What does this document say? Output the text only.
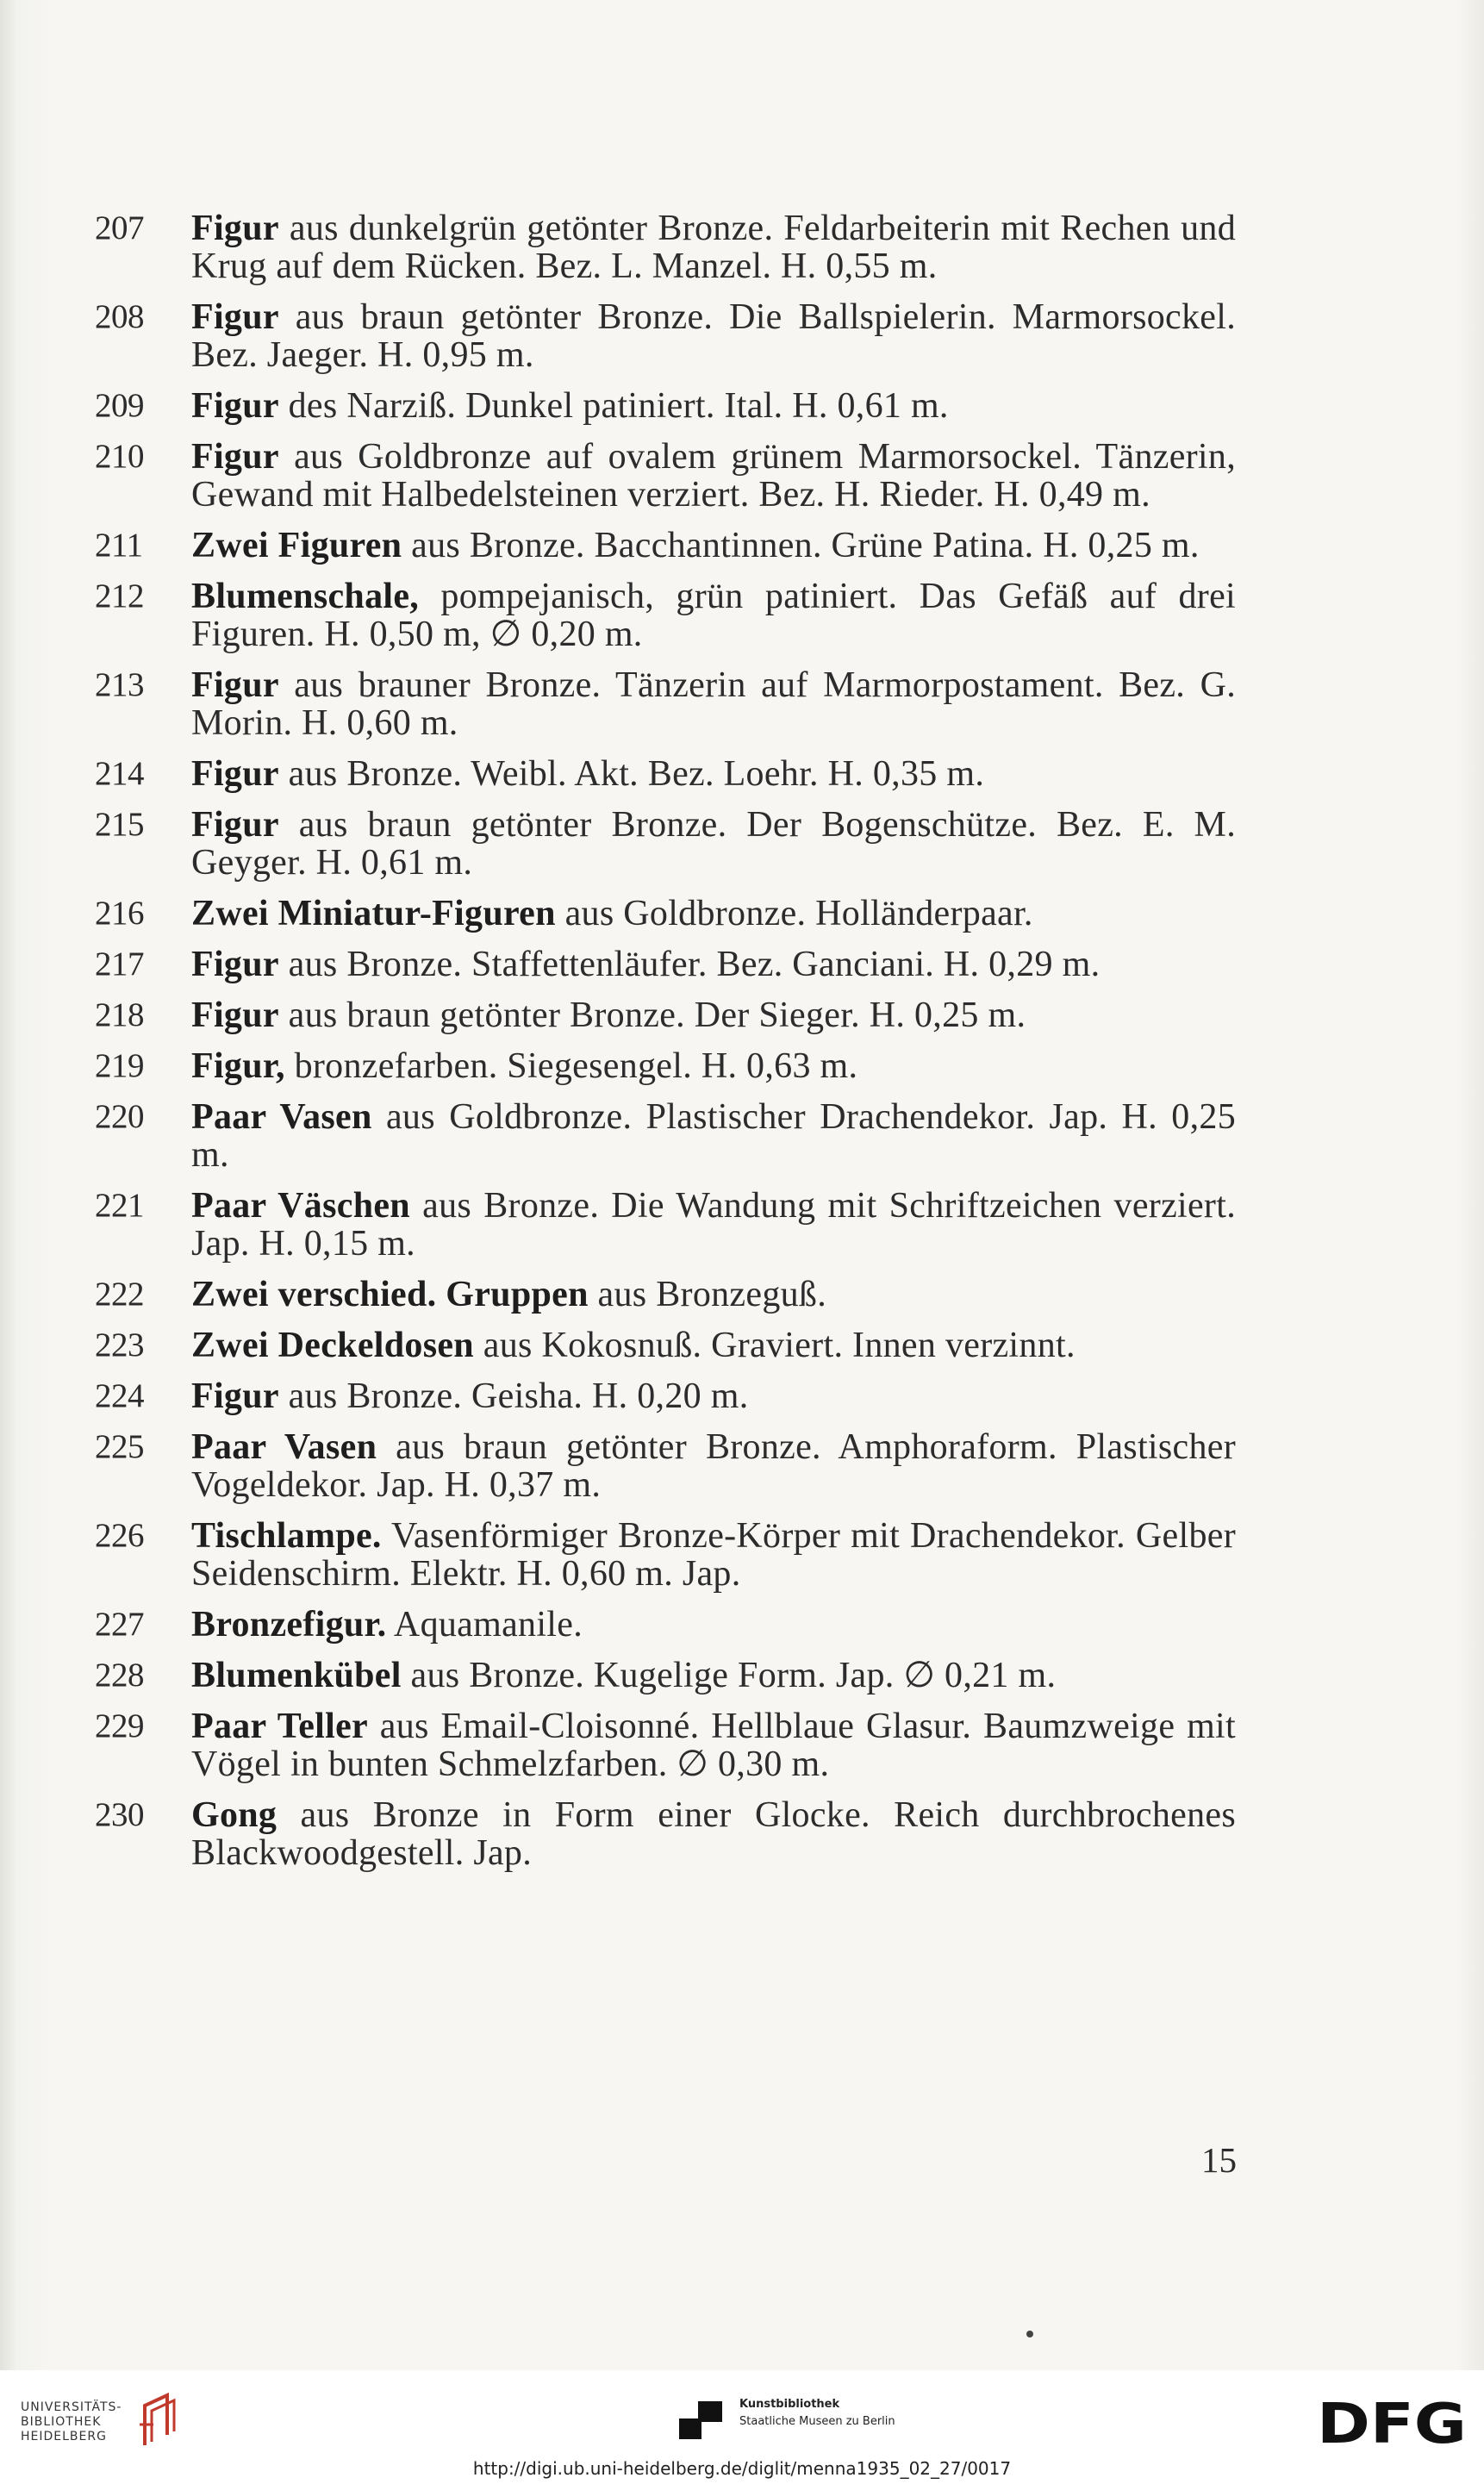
207	Figur aus dunkelgrün getönter Bronze. Feldarbeiterin mit Rechen und Krug auf dem Rücken. Bez. L. Manzel. H. 0,55 m.
208	Figur aus braun getönter Bronze. Die Ballspielerin. Marmorsockel. Bez. Jaeger. H. 0,95 m.
209	Figur des Narziß. Dunkel patiniert. Ital. H. 0,61 m.
210	Figur aus Goldbronze auf ovalem grünem Marmorsockel. Tänzerin, Gewand mit Halbedelsteinen verziert. Bez. H. Rieder. H. 0,49 m.
211	Zwei Figuren aus Bronze. Bacchantinnen. Grüne Patina. H. 0,25 m.
212	Blumenschale, pompejanisch, grün patiniert. Das Gefäß auf drei Figuren. H. 0,50 m, ∅ 0,20 m.
213	Figur aus brauner Bronze. Tänzerin auf Marmorpostament. Bez. G. Morin. H. 0,60 m.
214	Figur aus Bronze. Weibl. Akt. Bez. Loehr. H. 0,35 m.
215	Figur aus braun getönter Bronze. Der Bogenschütze. Bez. E. M. Geyger. H. 0,61 m.
216	Zwei Miniatur-Figuren aus Goldbronze. Holländerpaar.
217	Figur aus Bronze. Staffettenläufer. Bez. Ganciani. H. 0,29 m.
218	Figur aus braun getönter Bronze. Der Sieger. H. 0,25 m.
219	Figur, bronzefarben. Siegesengel. H. 0,63 m.
220	Paar Vasen aus Goldbronze. Plastischer Drachendekor. Jap. H. 0,25 m.
221	Paar Väschen aus Bronze. Die Wandung mit Schriftzeichen verziert. Jap. H. 0,15 m.
222	Zwei verschied. Gruppen aus Bronzeguß.
223	Zwei Deckeldosen aus Kokosnuß. Graviert. Innen verzinnt.
224	Figur aus Bronze. Geisha. H. 0,20 m.
225	Paar Vasen aus braun getönter Bronze. Amphoraform. Plastischer Vogeldekor. Jap. H. 0,37 m.
226	Tischlampe. Vasenförmiger Bronze-Körper mit Drachendekor. Gelber Seidenschirm. Elektr. H. 0,60 m. Jap.
227	Bronzefigur. Aquamanile.
228	Blumenkübel aus Bronze. Kugelige Form. Jap. ∅ 0,21 m.
229	Paar Teller aus Email-Cloisonné. Hellblaue Glasur. Baumzweige mit Vögel in bunten Schmelzfarben. ∅ 0,30 m.
230	Gong aus Bronze in Form einer Glocke. Reich durchbrochenes Blackwoodgestell. Jap.
15
UNIVERSITÄTS-
BIBLIOTHEK
HEIDELBERG
Kunstbibliothek
Staatliche Museen zu Berlin	DFG
http://digi.ub.uni-heidelberg.de/diglit/menna1935_02_27/0017
